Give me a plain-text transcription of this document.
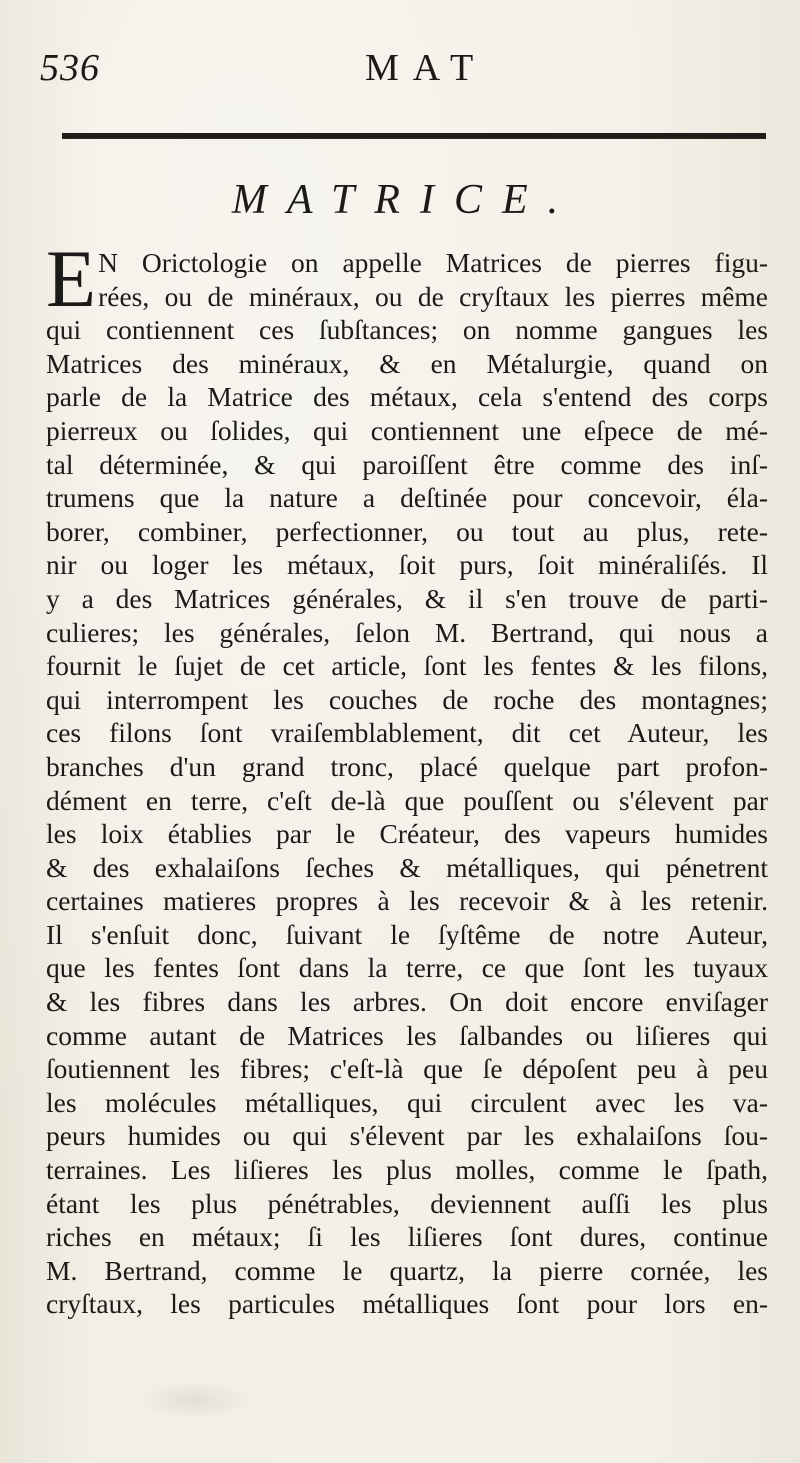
536	MAT
MATRICE.
E N Orictologie on appelle Matrices de pierres figu-
rées, ou de minéraux, ou de cryſtaux les pierres même
qui contiennent ces ſubſtances; on nomme gangues les
Matrices des minéraux, & en Métalurgie, quand on
parle de la Matrice des métaux, cela s'entend des corps
pierreux ou ſolides, qui contiennent une eſpece de mé-
tal déterminée, & qui paroiſſent être comme des inſ-
trumens que la nature a deſtinée pour concevoir, éla-
borer, combiner, perfectionner, ou tout au plus, rete-
nir ou loger les métaux, ſoit purs, ſoit minéraliſés. Il
y a des Matrices générales, & il s'en trouve de parti-
culieres; les générales, ſelon M. Bertrand, qui nous a
fournit le ſujet de cet article, ſont les fentes & les filons,
qui interrompent les couches de roche des montagnes;
ces filons ſont vraiſemblablement, dit cet Auteur, les
branches d'un grand tronc, placé quelque part profon-
dément en terre, c'eſt de-là que pouſſent ou s'élevent par
les loix établies par le Créateur, des vapeurs humides
& des exhalaiſons ſeches & métalliques, qui pénetrent
certaines matieres propres à les recevoir & à les retenir.
Il s'enſuit donc, ſuivant le ſyſtême de notre Auteur,
que les fentes ſont dans la terre, ce que ſont les tuyaux
& les fibres dans les arbres. On doit encore enviſager
comme autant de Matrices les ſalbandes ou liſieres qui
ſoutiennent les fibres; c'eſt-là que ſe dépoſent peu à peu
les molécules métalliques, qui circulent avec les va-
peurs humides ou qui s'élevent par les exhalaiſons ſou-
terraines. Les liſieres les plus molles, comme le ſpath,
étant les plus pénétrables, deviennent auſſi les plus
riches en métaux; ſi les liſieres ſont dures, continue
M. Bertrand, comme le quartz, la pierre cornée, les
cryſtaux, les particules métalliques ſont pour lors en-
